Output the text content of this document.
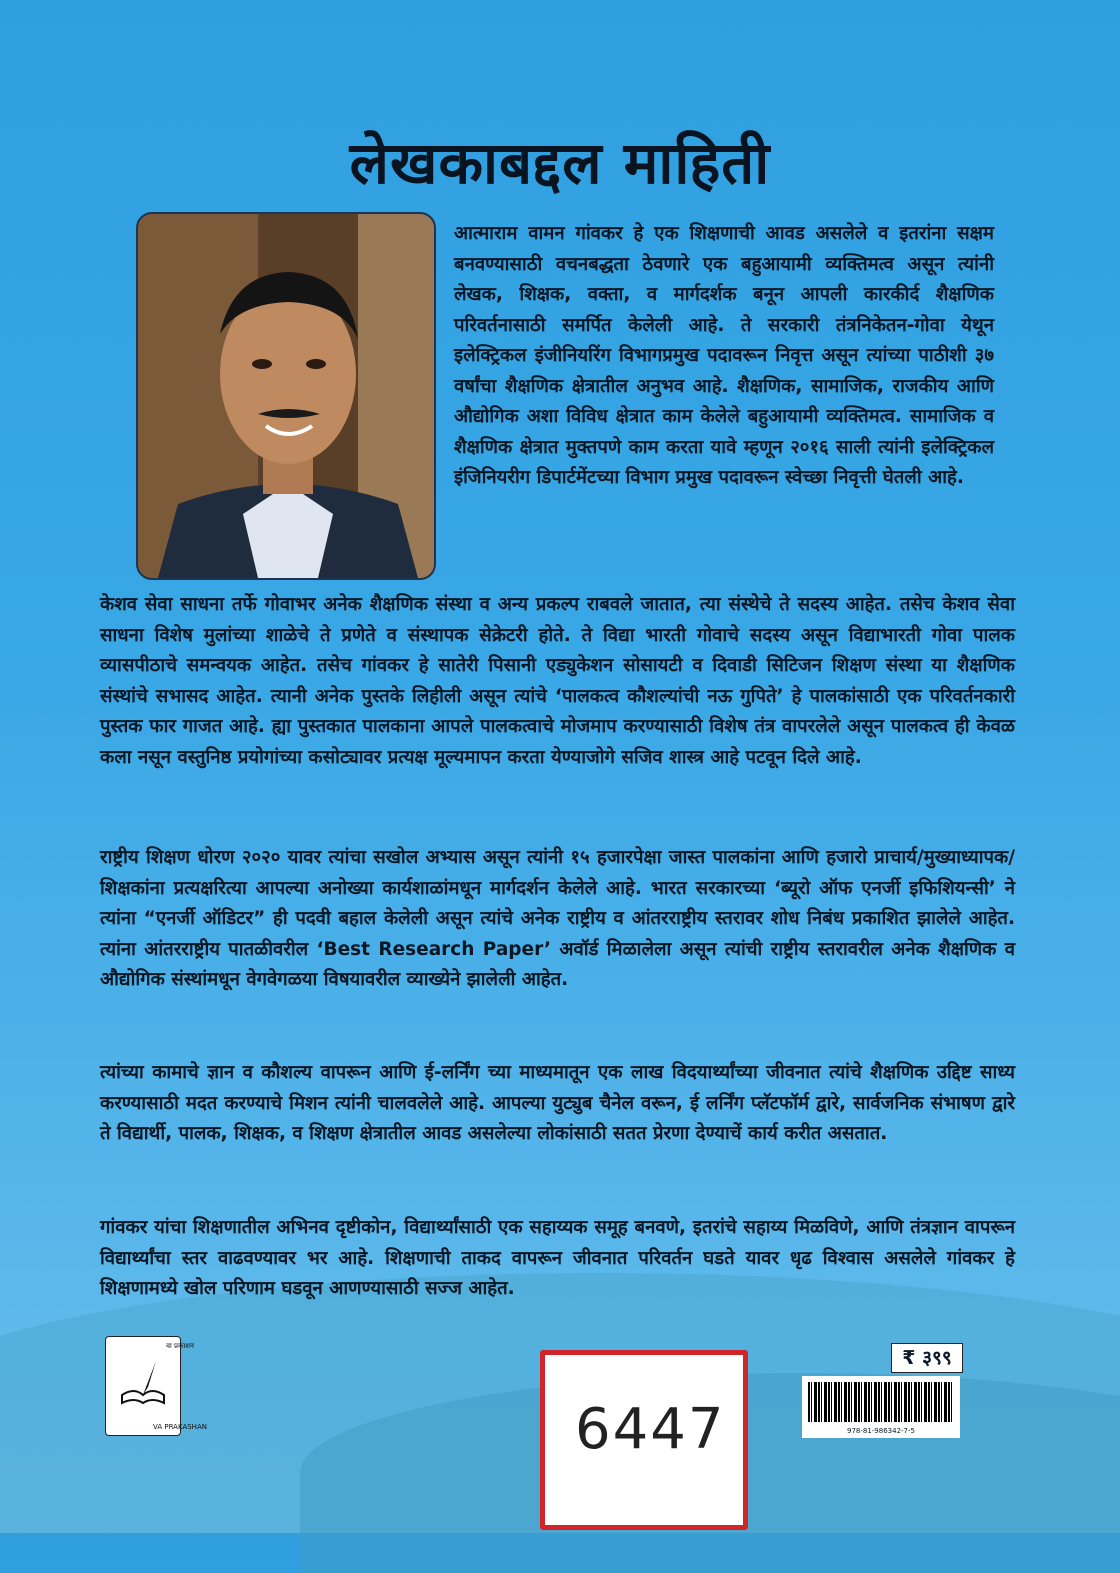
लेखकाबद्दल माहिती

आत्माराम वामन गांवकर हे एक शिक्षणाची आवड असलेले व इतरांना सक्षम बनवण्यासाठी वचनबद्धता ठेवणारे एक बहुआयामी व्यक्तिमत्व असून त्यांनी लेखक, शिक्षक, वक्ता, व मार्गदर्शक बनून आपली कारकीर्द शैक्षणिक परिवर्तनासाठी समर्पित केलेली आहे. ते सरकारी तंत्रनिकेतन-गोवा येथून इलेक्ट्रिकल इंजीनियरिंग विभागप्रमुख पदावरून निवृत्त असून त्यांच्या पाठीशी ३७ वर्षांचा शैक्षणिक क्षेत्रातील अनुभव आहे. शैक्षणिक, सामाजिक, राजकीय आणि औद्योगिक अशा विविध क्षेत्रात काम केलेले बहुआयामी व्यक्तिमत्व. सामाजिक व शैक्षणिक क्षेत्रात मुक्तपणे काम करता यावे म्हणून २०१६ साली त्यांनी इलेक्ट्रिकल इंजिनियरीग डिपार्टमेंटच्या विभाग प्रमुख पदावरून स्वेच्छा निवृत्ती घेतली आहे.

केशव सेवा साधना तर्फे गोवाभर अनेक शैक्षणिक संस्था व अन्य प्रकल्प राबवले जातात, त्या संस्थेचे ते सदस्य आहेत. तसेच केशव सेवा साधना विशेष मुलांच्या शाळेचे ते प्रणेते व संस्थापक सेक्रेटरी होते. ते विद्या भारती गोवाचे सदस्य असून विद्याभारती गोवा पालक व्यासपीठाचे समन्वयक आहेत. तसेच गांवकर हे सातेरी पिसानी एड्युकेशन सोसायटी व दिवाडी सिटिजन शिक्षण संस्था या शैक्षणिक संस्थांचे सभासद आहेत. त्यानी अनेक पुस्तके लिहीली असून त्यांचे ‘पालकत्व कौशल्यांची नऊ गुपिते’ हे पालकांसाठी एक परिवर्तनकारी पुस्तक फार गाजत आहे. ह्या पुस्तकात पालकाना आपले पालकत्वाचे मोजमाप करण्यासाठी विशेष तंत्र वापरलेले असून पालकत्व ही केवळ कला नसून वस्तुनिष्ठ प्रयोगांच्या कसोट्यावर प्रत्यक्ष मूल्यमापन करता येण्याजोगे सजिव शास्त्र आहे पटवून दिले आहे.

राष्ट्रीय शिक्षण धोरण २०२० यावर त्यांचा सखोल अभ्यास असून त्यांनी १५ हजारपेक्षा जास्त पालकांना आणि हजारो प्राचार्य/मुख्याध्यापक/शिक्षकांना प्रत्यक्षरित्या आपल्या अनोख्या कार्यशाळांमधून मार्गदर्शन केलेले आहे. भारत सरकारच्या ‘ब्यूरो ऑफ एनर्जी इफिशियन्सी’ ने त्यांना “एनर्जी ऑडिटर” ही पदवी बहाल केलेली असून त्यांचे अनेक राष्ट्रीय व आंतरराष्ट्रीय स्तरावर शोध निबंध प्रकाशित झालेले आहेत. त्यांना आंतरराष्ट्रीय पातळीवरील ‘Best Research Paper’ अवॉर्ड मिळालेला असून त्यांची राष्ट्रीय स्तरावरील अनेक शैक्षणिक व औद्योगिक संस्थांमधून वेगवेगळया विषयावरील व्याख्येने झालेली आहेत.

त्यांच्या कामाचे ज्ञान व कौशल्य वापरून आणि ई-लर्निंग च्या माध्यमातून एक लाख विदयार्थ्यांच्या जीवनात त्यांचे शैक्षणिक उद्दिष्ट साध्य करण्यासाठी मदत करण्याचे मिशन त्यांनी चालवलेले आहे. आपल्या युट्युब चैनेल वरून, ई लर्निंग प्लॅटफॉर्म द्वारे, सार्वजनिक संभाषण द्वारे ते विद्यार्थी, पालक, शिक्षक, व शिक्षण क्षेत्रातील आवड असलेल्या लोकांसाठी सतत प्रेरणा देण्याचें कार्य करीत असतात.

गांवकर यांचा शिक्षणातील अभिनव दृष्टीकोन, विद्यार्थ्यांसाठी एक सहाय्यक समूह बनवणे, इतरांचे सहाय्य मिळविणे, आणि तंत्रज्ञान वापरून विद्यार्थ्यांचा स्तर वाढवण्यावर भर आहे. शिक्षणाची ताकद वापरून जीवनात परिवर्तन घडते यावर धृढ विश्वास असलेले गांवकर हे शिक्षणामध्ये खोल परिणाम घडवून आणण्यासाठी सज्ज आहेत.

वा प्रकाशन
VA PRAKASHAN	6447
₹ ३९९
978-81-986342-7-5
